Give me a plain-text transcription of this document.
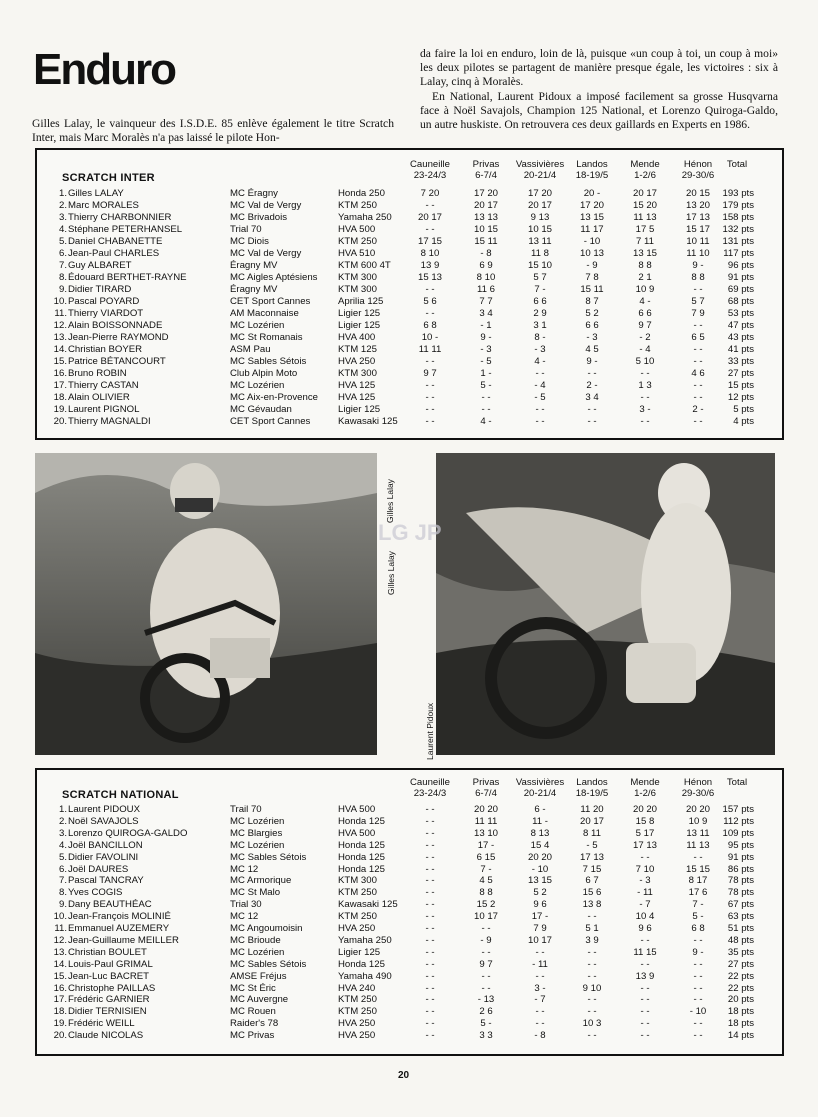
Enduro
Gilles Lalay, le vainqueur des I.S.D.E. 85 enlève également le titre Scratch Inter, mais Marc Moralès n'a pas laissé le pilote Hon-

da faire la loi en enduro, loin de là, puisque «un coup à toi, un coup à moi» les deux pilotes se partagent de manière presque égale, les victoires : six à Lalay, cinq à Moralès.

En National, Laurent Pidoux a imposé facilement sa grosse Husqvarna face à Noël Savajols, Champion 125 National, et Lorenzo Quiroga-Galdo, un autre huskiste. On retrouvera ces deux gaillards en Experts en 1986.

SCRATCH INTER
Cauneille
23-24/3
Privas
6-7/4
Vassivières
20-21/4
Landos
18-19/5
Mende
1-2/6
Hénon
29-30/6
Total
1. Gilles LALAY	MC Éragny	Honda 250	7 20	17 20	17 20	20 -	20 17	20 15	193 pts
2. Marc MORALES	MC Val de Vergy	KTM 250	- -	20 17	20 17	17 20	15 20	13 20	179 pts
3. Thierry CHARBONNIER	MC Brivadois	Yamaha 250	20 17	13 13	9 13	13 15	11 13	17 13	158 pts
4. Stéphane PETERHANSEL	Trial 70	HVA 500	- -	10 15	10 15	11 17	17 5	15 17	132 pts
5. Daniel CHABANETTE	MC Diois	KTM 250	17 15	15 11	13 11	- 10	7 11	10 11	131 pts
6. Jean-Paul CHARLES	MC Val de Vergy	HVA 510	8 10	- 8	11 8	10 13	13 15	11 10	117 pts
7. Guy ALBARET	Éragny MV	KTM 600 4T	13 9	6 9	15 10	- 9	8 8	9 -	96 pts
8. Édouard BERTHET-RAYNE	MC Aigles Aptésiens	KTM 300	15 13	8 10	5 7	7 8	2 1	8 8	91 pts
9. Didier TIRARD	Éragny MV	KTM 300	- -	11 6	7 -	15 11	10 9	- -	69 pts
10. Pascal POYARD	CET Sport Cannes	Aprilia 125	5 6	7 7	6 6	8 7	4 -	5 7	68 pts
11. Thierry VIARDOT	AM Maconnaise	Ligier 125	- -	3 4	2 9	5 2	6 6	7 9	53 pts
12. Alain BOISSONNADE	MC Lozérien	Ligier 125	6 8	- 1	3 1	6 6	9 7	- -	47 pts
13. Jean-Pierre RAYMOND	MC St Romanais	HVA 400	10 -	9 -	8 -	- 3	- 2	6 5	43 pts
14. Christian BOYER	ASM Pau	KTM 125	11 11	- 3	- 3	4 5	- 4	- -	41 pts
15. Patrice BÉTANCOURT	MC Sables Sétois	HVA 250	- -	- 5	4 -	9 -	5 10	- -	33 pts
16. Bruno ROBIN	Club Alpin Moto	KTM 300	9 7	1 -	- -	- -	- -	4 6	27 pts
17. Thierry CASTAN	MC Lozérien	HVA 125	- -	5 -	- 4	2 -	1 3	- -	15 pts
18. Alain OLIVIER	MC Aix-en-Provence	HVA 125	- -	- -	- 5	3 4	- -	- -	12 pts
19. Laurent PIGNOL	MC Gévaudan	Ligier 125	- -	- -	- -	- -	3 -	2 -	5 pts
20. Thierry MAGNALDI	CET Sport Cannes	Kawasaki 125	- -	4 -	- -	- -	- -	- -	4 pts
Gilles Lalay
Gilles Lalay
Laurent Pidoux
LG JP
SCRATCH NATIONAL
Cauneille
23-24/3
Privas
6-7/4
Vassivières
20-21/4
Landos
18-19/5
Mende
1-2/6
Hénon
29-30/6
Total
1. Laurent PIDOUX	Trail 70	HVA 500	- -	20 20	6 -	11 20	20 20	20 20	157 pts
2. Noël SAVAJOLS	MC Lozérien	Honda 125	- -	11 11	11 -	20 17	15 8	10 9	112 pts
3. Lorenzo QUIROGA-GALDO	MC Blargies	HVA 500	- -	13 10	8 13	8 11	5 17	13 11	109 pts
4. Joël BANCILLON	MC Lozérien	Honda 125	- -	17 -	15 4	- 5	17 13	11 13	95 pts
5. Didier FAVOLINI	MC Sables Sétois	Honda 125	- -	6 15	20 20	17 13	- -	- -	91 pts
6. Joël DAURES	MC 12	Honda 125	- -	7 -	- 10	7 15	7 10	15 15	86 pts
7. Pascal TANCRAY	MC Armorique	KTM 300	- -	4 5	13 15	6 7	- 3	8 17	78 pts
8. Yves COGIS	MC St Malo	KTM 250	- -	8 8	5 2	15 6	- 11	17 6	78 pts
9. Dany BEAUTHÉAC	Trial 30	Kawasaki 125	- -	15 2	9 6	13 8	- 7	7 -	67 pts
10. Jean-François MOLINIÉ	MC 12	KTM 250	- -	10 17	17 -	- -	10 4	5 -	63 pts
11. Emmanuel AUZEMERY	MC Angoumoisin	HVA 250	- -	- -	7 9	5 1	9 6	6 8	51 pts
12. Jean-Guillaume MEILLER	MC Brioude	Yamaha 250	- -	- 9	10 17	3 9	- -	- -	48 pts
13. Christian BOULET	MC Lozérien	Ligier 125	- -	- -	- -	- -	11 15	9 -	35 pts
14. Louis-Paul GRIMAL	MC Sables Sétois	Honda 125	- -	9 7	- 11	- -	- -	- -	27 pts
15. Jean-Luc BACRET	AMSE Fréjus	Yamaha 490	- -	- -	- -	- -	13 9	- -	22 pts
16. Christophe PAILLAS	MC St Éric	HVA 240	- -	- -	3 -	9 10	- -	- -	22 pts
17. Frédéric GARNIER	MC Auvergne	KTM 250	- -	- 13	- 7	- -	- -	- -	20 pts
18. Didier TERNISIEN	MC Rouen	KTM 250	- -	2 6	- -	- -	- -	- 10	18 pts
19. Frédéric WEILL	Raider's 78	HVA 250	- -	5 -	- -	10 3	- -	- -	18 pts
20. Claude NICOLAS	MC Privas	HVA 250	- -	3 3	- 8	- -	- -	- -	14 pts
20
